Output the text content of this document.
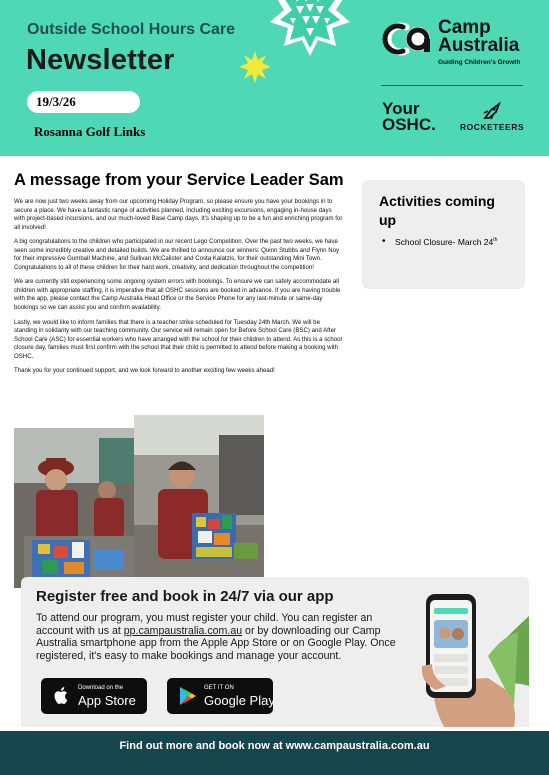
Outside School Hours Care
Newsletter
19/3/26
Rosanna Golf Links
Camp
Australia
Guiding Children's Growth
Your
OSHC.	ROCKETEERS
A message from your Service Leader Sam

We are now just two weeks away from our upcoming Holiday Program, so please ensure you have your bookings in to secure a place. We have a fantastic range of activities planned, including exciting excursions, engaging in-house days with project-based incursions, and our much-loved Base Camp days. It's shaping up to be a fun and enriching program for all involved!

A big congratulations to the children who participated in our recent Lego Competition. Over the past two weeks, we have seen some incredibly creative and detailed builds. We are thrilled to announce our winners: Quinn Stubbs and Flynn Noy for their impressive Gumball Machine, and Sullivan McCalister and Costa Kalatzis, for their outstanding Mini Town. Congratulations to all of these children for their hard work, creativity, and dedication throughout the competition!

We are currently still experiencing some ongoing system errors with bookings. To ensure we can safely accommodate all children with appropriate staffing, it is imperative that all OSHC sessions are booked in advance. If you are having trouble with the app, please contact the Camp Australia Head Office or the Service Phone for any last-minute or same-day bookings so we can assist you and confirm availability.

Lastly, we would like to inform families that there is a teacher strike scheduled for Tuesday 24th March. We will be standing in solidarity with our teaching community. Our service will remain open for Before School Care (BSC) and After School Care (ASC) for essential workers who have arranged with the school for their children to attend. As this is a school closure day, families must first confirm with the school that their child is permitted to attend before making a booking with OSHC.

Thank you for your continued support, and we look forward to another exciting few weeks ahead!

Activities coming up
• School Closure- March 24th
Register free and book in 24/7 via our app
To attend our program, you must register your child. You can register an account with us at pp.campaustralia.com.au or by downloading our Camp Australia smartphone app from the Apple App Store or on Google Play. Once registered, it's easy to make bookings and manage your account.
Download on the
App Store
GET IT ON
Google Play
Find out more and book now at www.campaustralia.com.au
